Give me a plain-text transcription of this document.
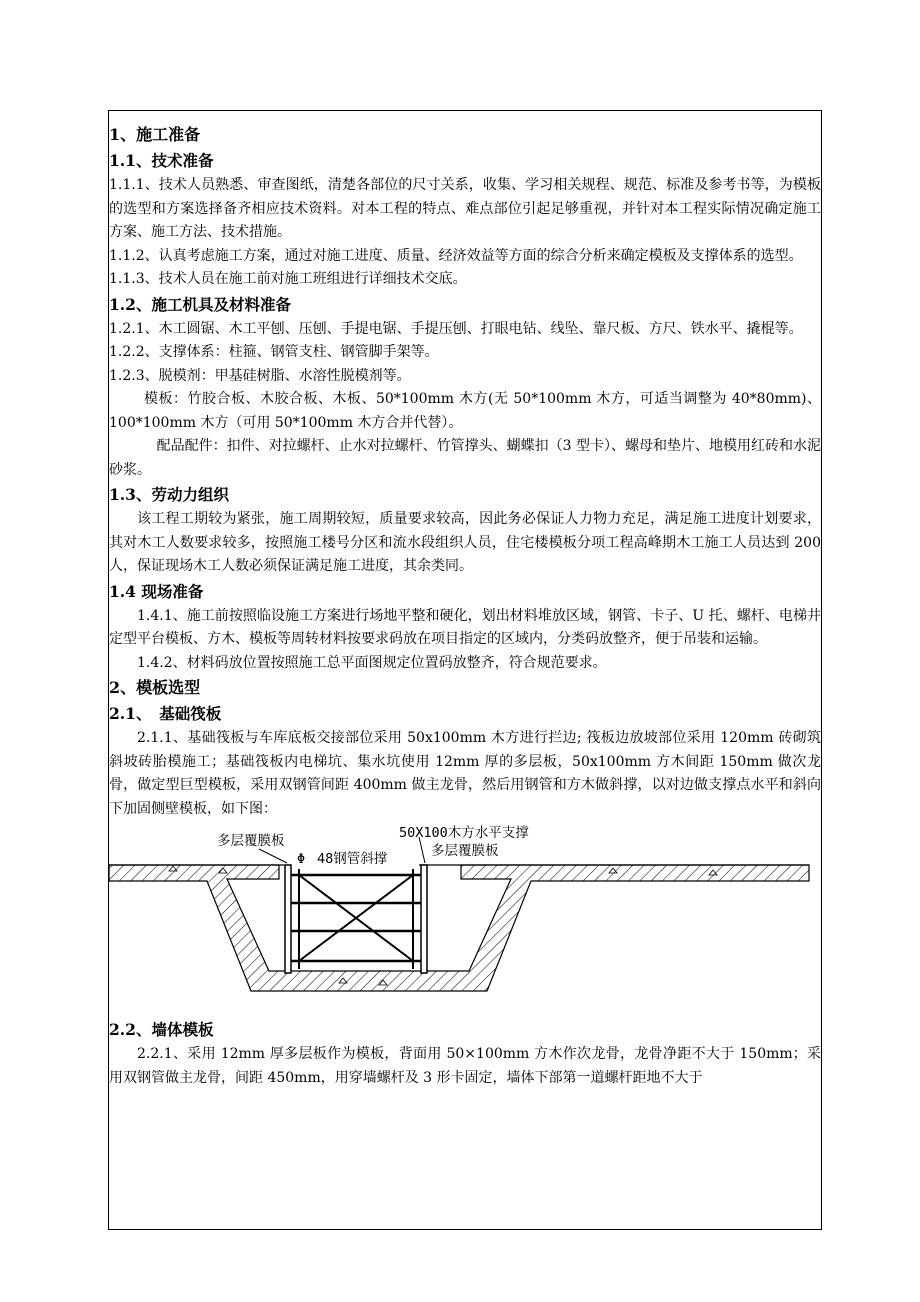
1、施工准备
1.1、技术准备

1.1.1、技术人员熟悉、审查图纸，清楚各部位的尺寸关系，收集、学习相关规程、规范、标准及参考书等，为模板的选型和方案选择备齐相应技术资料。对本工程的特点、难点部位引起足够重视，并针对本工程实际情况确定施工方案、施工方法、技术措施。

1.1.2、认真考虑施工方案，通过对施工进度、质量、经济效益等方面的综合分析来确定模板及支撑体系的选型。

1.1.3、技术人员在施工前对施工班组进行详细技术交底。

1.2、施工机具及材料准备

1.2.1、木工圆锯、木工平刨、压刨、手提电锯、手提压刨、打眼电钻、线坠、靠尺板、方尺、铁水平、撬棍等。

1.2.2、支撑体系：柱箍、钢管支柱、钢管脚手架等。

1.2.3、脱模剂：甲基硅树脂、水溶性脱模剂等。

模板：竹胶合板、木胶合板、木板、50*100mm 木方(无 50*100mm 木方，可适当调整为 40*80mm)、100*100mm 木方（可用 50*100mm 木方合并代替）。

配品配件：扣件、对拉螺杆、止水对拉螺杆、竹管撑头、蝴蝶扣（3 型卡）、螺母和垫片、地模用红砖和水泥砂浆。

1.3、劳动力组织

该工程工期较为紧张，施工周期较短，质量要求较高，因此务必保证人力物力充足，满足施工进度计划要求，其对木工人数要求较多，按照施工楼号分区和流水段组织人员，住宅楼模板分项工程高峰期木工施工人员达到 200 人，保证现场木工人数必须保证满足施工进度，其余类同。

1.4 现场准备

1.4.1、施工前按照临设施工方案进行场地平整和硬化，划出材料堆放区域，钢管、卡子、U 托、螺杆、电梯井定型平台模板、方木、模板等周转材料按要求码放在项目指定的区域内，分类码放整齐，便于吊装和运输。

1.4.2、材料码放位置按照施工总平面图规定位置码放整齐，符合规范要求。

2、模板选型
2.1、　基础筏板

2.1.1、基础筏板与车库底板交接部位采用 50x100mm 木方进行拦边; 筏板边放坡部位采用 120mm 砖砌筑斜坡砖胎模施工；基础筏板内电梯坑、集水坑使用 12mm 厚的多层板，50x100mm 方木间距 150mm 做次龙骨，做定型巨型模板，采用双钢管间距 400mm 做主龙骨，然后用钢管和方木做斜撑，以对边做支撑点水平和斜向下加固侧壁模板，如下图：

多层覆膜板
Φ 48钢管斜撑
50X100木方水平支撑
多层覆膜板
2.2、墙体模板

2.2.1、采用 12mm 厚多层板作为模板，背面用 50×100mm 方木作次龙骨，龙骨净距不大于 150mm；采用双钢管做主龙骨，间距 450mm，用穿墙螺杆及 3 形卡固定，墙体下部第一道螺杆距地不大于
